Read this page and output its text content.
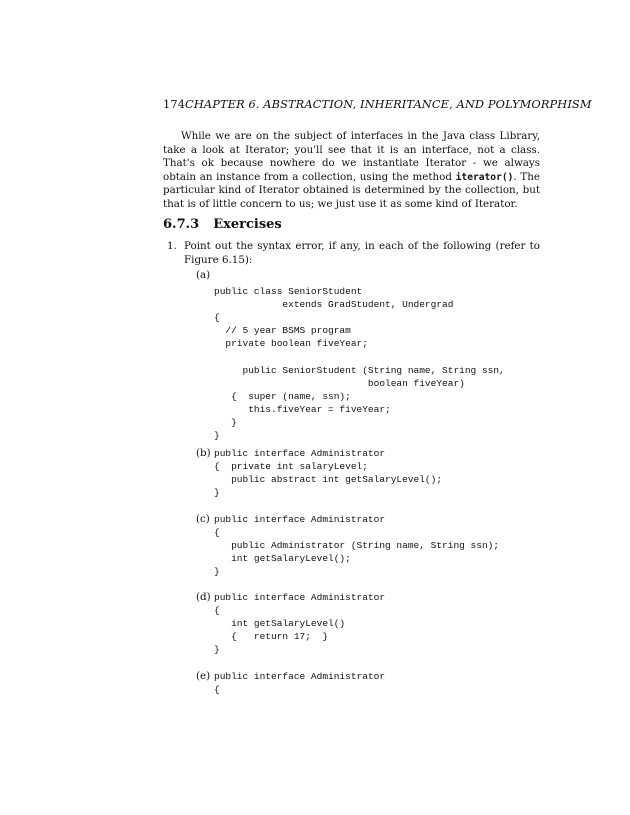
174CHAPTER 6. ABSTRACTION, INHERITANCE, AND POLYMORPHISM

While we are on the subject of interfaces in the Java class Library, take a look at Iterator; you'll see that it is an interface, not a class. That's ok because nowhere do we instantiate Iterator - we always obtain an instance from a collection, using the method iterator(). The particular kind of Iterator obtained is determined by the collection, but that is of little concern to us; we just use it as some kind of Iterator.

6.7.3 Exercises
1. Point out the syntax error, if any, in each of the following (refer to Figure 6.15):
(a)
public class SeniorStudent
extends GradStudent, Undergrad
{
// 5 year BSMS program
private boolean fiveYear;

public SeniorStudent (String name, String ssn,
boolean fiveYear)
{  super (name, ssn);
this.fiveYear = fiveYear;
}
}
(b) public interface Administrator
{  private int salaryLevel;
public abstract int getSalaryLevel();
}
(c) public interface Administrator
{
public Administrator (String name, String ssn);
int getSalaryLevel();
}
(d) public interface Administrator
{
int getSalaryLevel()
{   return 17;  }
}
(e) public interface Administrator
{
